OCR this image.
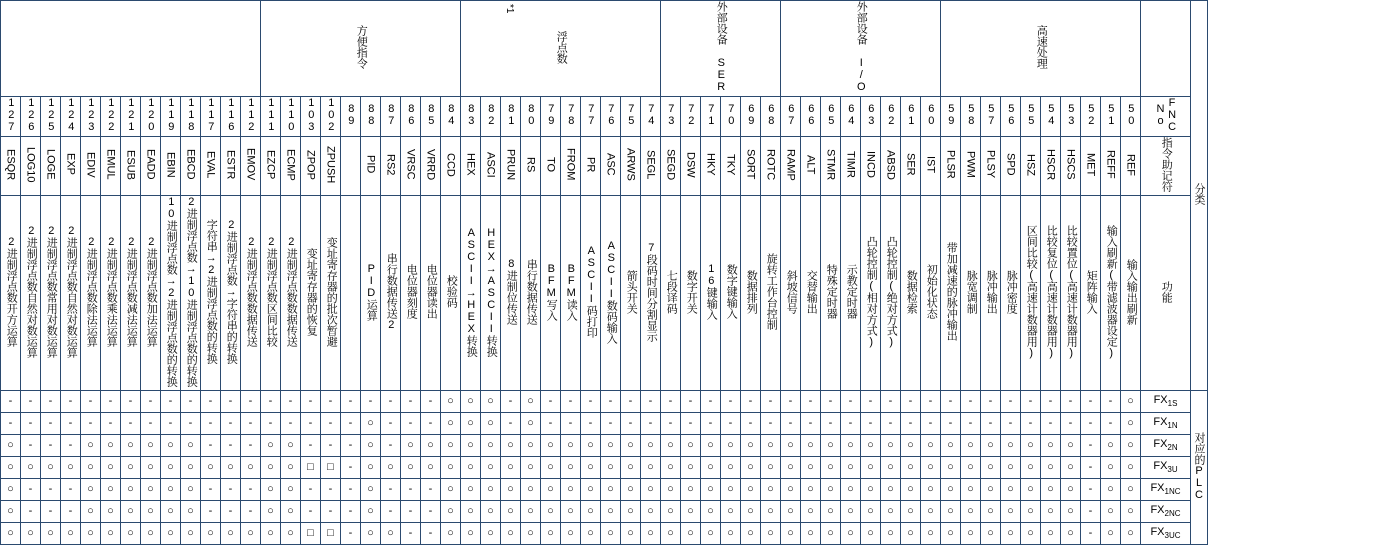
分类		高速处理										外部设备 I/O								外部设备 SER						浮点数										方便指令																						
	FNC
No	50	51	52	53	54	55	56	57	58	59	60	61	62	63	64	65	66	67	68	69	70	71	72	73	74	75	76	77	78	79	80	81	82	83	84	85	86	87	88	89	102	103	110	111	112	116	117	118	119	120	121	122	123	124	125	126	127
	指令助记符	REF	REFF	MET	HSCS	HSCR	HSZ	SPD	PLSY	PWM	PLSR	IST	SER	ABSD	INCD	TIMR	STMR	ALT	RAMP	ROTC	SORT	TKY	HKY	DSW	SEGD	SEGL	ARWS	ASC	PR	FROM	TO	RS	PRUN	ASCI	HEX	CCD	VRRD	VRSC	RS2	PID		ZPUSH	ZPOP	ECMP	EZCP	EMOV	ESTR	EVAL	EBCD	EBIN	EADD	ESUB	EMUL	EDIV	EXP	LOGE	LOG10	ESQR
	功能	输入输出刷新	输入刷新(带滤波器设定)	矩阵输入	比较置位(高速计数器用)	比较复位(高速计数器用)	区间比较(高速计数器用)	脉冲密度	脉冲输出	脉宽调制	带加减速的脉冲输出	初始化状态	数据检索	凸轮控制(绝对方式)	凸轮控制(相对方式)	示教定时器	特殊定时器	交替输出	斜坡信号	旋转工作台控制	数据排列	数字键输入	16键输入	数字开关	七段译码	7段码时间分割显示	箭头开关	ASCII数码输入	ASCII码打印	BFM读入	BFM写入	串行数据传送	8进制位传送	HEX→ASCII转换	ASCII→HEX转换	校验码	电位器读出	电位器刻度	串行数据传送2	PID运算		变址寄存器的批次暂避	变址寄存器的恢复	2进制浮点数数据传送	2进制浮点数区间比较	2进制浮点数数据传送	2进制浮点数→字符串的转换	字符串→2进制浮点数的转换	2进制浮点数→10进制浮点数的转换	10进制浮点数→2进制浮点数的转换	2进制浮点数加法运算	2进制浮点数减法运算	2进制浮点数乘法运算	2进制浮点数除法运算	2进制浮点数自然对数运算	2进制浮点数常用对数运算	2进制浮点数自然对数运算	2进制浮点数开方运算
对应的PLC	$FX_{1S}$	○	-	-	-	-	-	-	-	-	-	-	-	-	-	-	-	-	-	-	-	-	-	-	-	-	-	-	-	-	-	○	-	○	○	○	-	-	-	-	-	-	-	-	-	-	-	-	-	-	-	-	-	-	-	-	-	-
	$FX_{1N}$	○	-	-	-	-	-	-	-	-	-	-	-	-	-	-	-	-	-	-	-	-	-	-	-	-	-	-	-	-	-	○	-	○	○	○	-	-	-	○	-	-	-	-	-	-	-	-	-	-	-	-	-	-	-	-	-	-
	$FX_{2N}$	○	○	-	○	○	○	○	○	○	○	○	○	○	○	○	○	○	○	○	○	○	○	○	○	○	○	○	○	○	○	○	○	○	○	○	○	○	-	○	-	-	-	○	○	-	-	-	○	○	○	○	○	○	-	-	-	○
	$FX_{3U}$	○	○	-	○	○	○	○	○	○	○	○	○	○	○	○	○	○	○	○	○	○	○	○	○	○	○	○	○	○	○	○	○	○	○	○	○	○	○	○	-	□	□	○	○	○	○	○	○	○	○	○	○	○	○	○	○	○
	$FX_{1NC}$	○	○	-	○	○	○	○	○	○	○	○	○	○	○	○	○	○	○	○	○	○	○	○	○	○	○	○	○	○	○	○	○	○	○	○	-	-	-	○	-	-	-	○	○	-	-	-	○	○	○	○	○	○	-	-	-	○
	$FX_{2NC}$	○	○	-	○	○	○	○	○	○	○	○	○	○	○	○	○	○	○	○	○	○	○	○	○	○	○	○	○	○	○	○	○	○	○	○	-	-	-	○	-	-	-	○	○	-	-	-	○	○	○	○	○	○	-	-	-	○
	$FX_{3UC}$	○	○	-	○	○	○	○	○	○	○	○	○	○	○	○	○	○	○	○	○	○	○	○	○	○	○	○	○	○	○	○	○	○	○	○	-	-	○	○	-	□	□	○	○	○	○	○	○	○	○	○	○	○	○	○	○	○
*1
